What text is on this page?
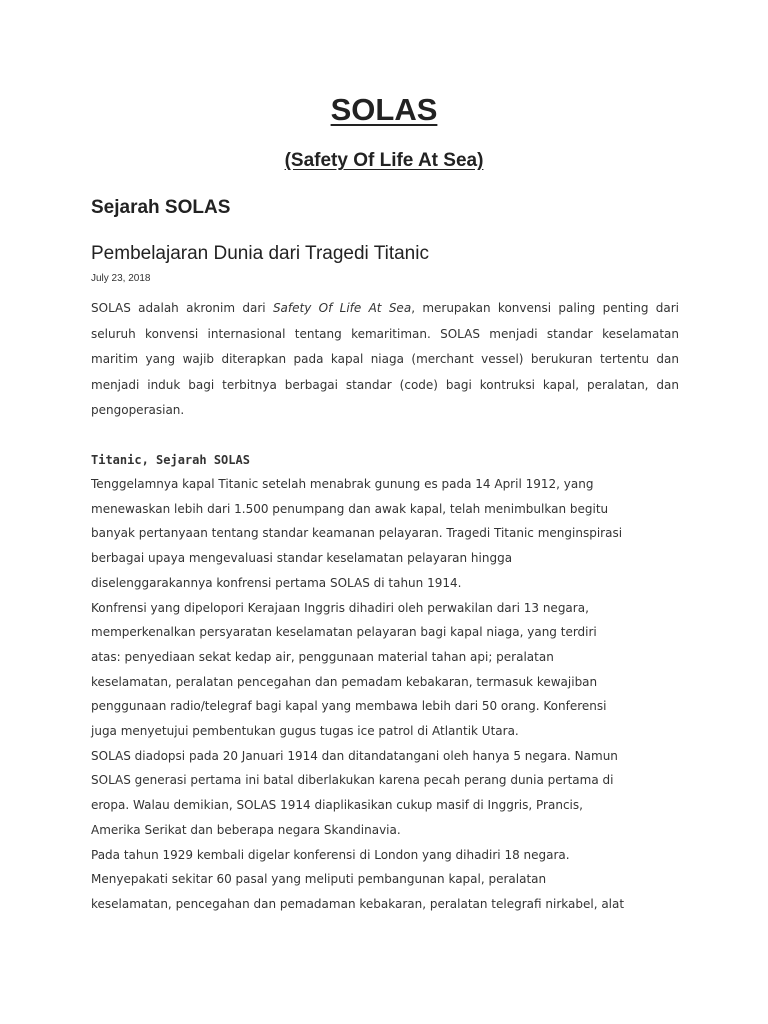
SOLAS
(Safety Of Life At Sea)
Sejarah SOLAS
Pembelajaran Dunia dari Tragedi Titanic

July 23, 2018

SOLAS adalah akronim dari Safety Of Life At Sea, merupakan konvensi paling penting dari seluruh konvensi internasional tentang kemaritiman. SOLAS menjadi standar keselamatan maritim yang wajib diterapkan pada kapal niaga (merchant vessel) berukuran tertentu dan menjadi induk bagi terbitnya berbagai standar (code) bagi kontruksi kapal, peralatan, dan pengoperasian.

Titanic, Sejarah SOLAS

Tenggelamnya kapal Titanic setelah menabrak gunung es pada 14 April 1912, yang
menewaskan lebih dari 1.500 penumpang dan awak kapal, telah menimbulkan begitu
banyak pertanyaan tentang standar keamanan pelayaran. Tragedi Titanic menginspirasi
berbagai upaya mengevaluasi standar keselamatan pelayaran hingga
diselenggarakannya konfrensi pertama SOLAS di tahun 1914.
Konfrensi yang dipelopori Kerajaan Inggris dihadiri oleh perwakilan dari 13 negara,
memperkenalkan persyaratan keselamatan pelayaran bagi kapal niaga, yang terdiri
atas: penyediaan sekat kedap air, penggunaan material tahan api; peralatan
keselamatan, peralatan pencegahan dan pemadam kebakaran, termasuk kewajiban
penggunaan radio/telegraf bagi kapal yang membawa lebih dari 50 orang. Konferensi
juga menyetujui pembentukan gugus tugas ice patrol di Atlantik Utara.
SOLAS diadopsi pada 20 Januari 1914 dan ditandatangani oleh hanya 5 negara. Namun
SOLAS generasi pertama ini batal diberlakukan karena pecah perang dunia pertama di
eropa. Walau demikian, SOLAS 1914 diaplikasikan cukup masif di Inggris, Prancis,
Amerika Serikat dan beberapa negara Skandinavia.
Pada tahun 1929 kembali digelar konferensi di London yang dihadiri 18 negara.
Menyepakati sekitar 60 pasal yang meliputi pembangunan kapal, peralatan
keselamatan, pencegahan dan pemadaman kebakaran, peralatan telegrafi nirkabel, alat
